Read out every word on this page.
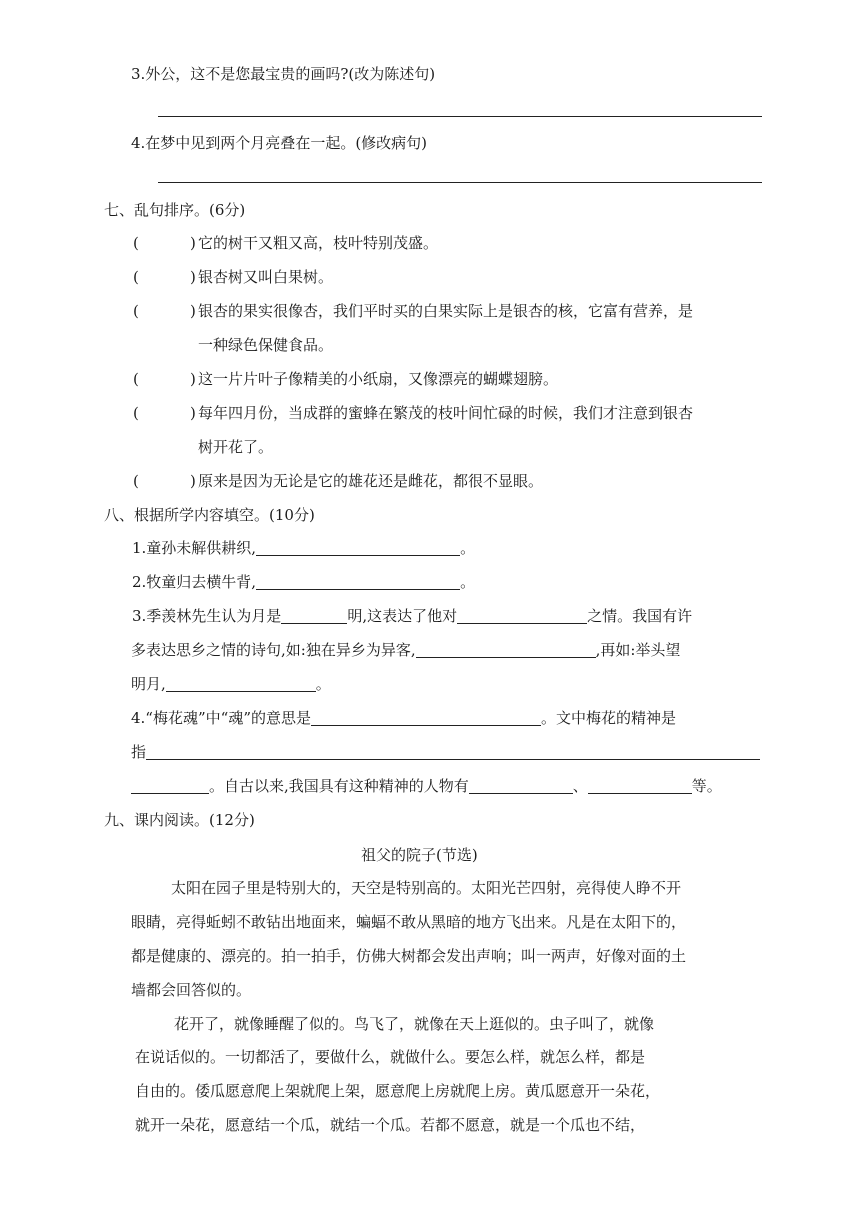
3.外公，这不是您最宝贵的画吗?(改为陈述句)
4.在梦中见到两个月亮叠在一起。(修改病句)
七、乱句排序。(6分)
(	) 它的树干又粗又高，枝叶特别茂盛。
(	) 银杏树又叫白果树。
(	) 银杏的果实很像杏，我们平时买的白果实际上是银杏的核，它富有营养，是
一种绿色保健食品。
(	) 这一片片叶子像精美的小纸扇，又像漂亮的蝴蝶翅膀。
(	) 每年四月份，当成群的蜜蜂在繁茂的枝叶间忙碌的时候，我们才注意到银杏
树开花了。
(	) 原来是因为无论是它的雄花还是雌花，都很不显眼。
八、根据所学内容填空。(10分)
1.童孙未解供耕织,	。
2.牧童归去横牛背,	。
3.季羡林先生认为月是	明,这表达了他对	之情。我国有许
多表达思乡之情的诗句,如:独在异乡为异客,	,再如:举头望
明月,	。
4.“梅花魂”中“魂”的意思是	。文中梅花的精神是
指
。自古以来,我国具有这种精神的人物有	、	等。
九、课内阅读。(12分)
祖父的院子(节选)
太阳在园子里是特别大的，天空是特别高的。太阳光芒四射，亮得使人睁不开
眼睛，亮得蚯蚓不敢钻出地面来，蝙蝠不敢从黑暗的地方飞出来。凡是在太阳下的，
都是健康的、漂亮的。拍一拍手，仿佛大树都会发出声响；叫一两声，好像对面的土
墙都会回答似的。
花开了，就像睡醒了似的。鸟飞了，就像在天上逛似的。虫子叫了，就像
在说话似的。一切都活了，要做什么，就做什么。要怎么样，就怎么样，都是
自由的。倭瓜愿意爬上架就爬上架，愿意爬上房就爬上房。黄瓜愿意开一朵花，
就开一朵花，愿意结一个瓜，就结一个瓜。若都不愿意，就是一个瓜也不结，
